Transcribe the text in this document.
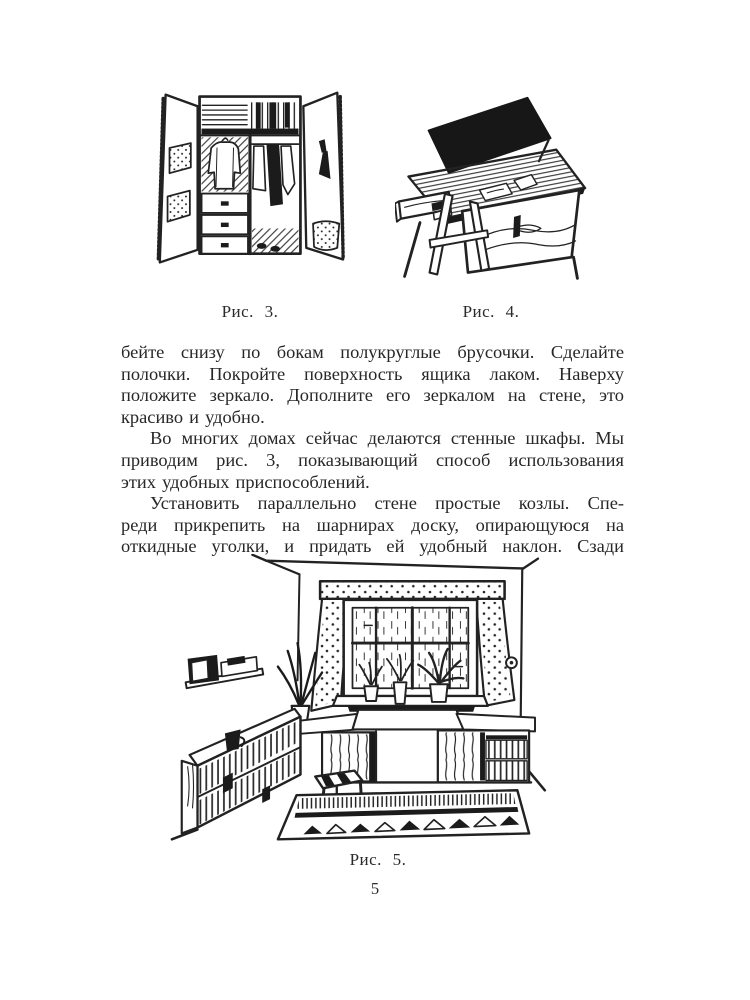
Рис. 3.	Рис. 4.
бейте снизу по бокам полукруглые брусочки. Сделайте
полочки. Покройте поверхность ящика лаком. Наверху
положите зеркало. Дополните его зеркалом на стене, это
красиво и удобно.
Во многих домах сейчас делаются стенные шкафы. Мы
приводим рис. 3, показывающий способ использования
этих удобных приспособлений.
Установить параллельно стене простые козлы. Спе-
реди прикрепить на шарнирах доску, опирающуюся на
откидные уголки, и придать ей удобный наклон. Сзади
Рис. 5.
5
